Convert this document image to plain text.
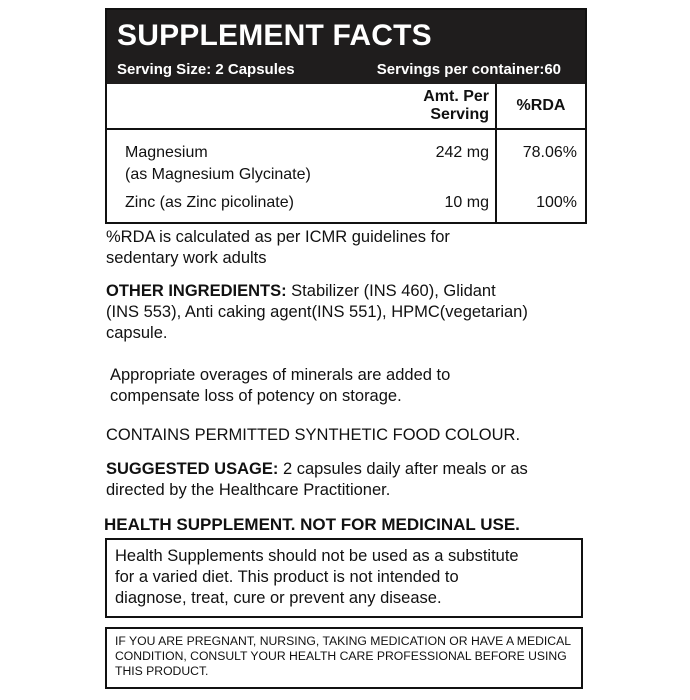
SUPPLEMENT FACTS
Serving Size: 2 Capsules	Servings per container:60
	Amt. Per Serving	%RDA

Magnesium
(as Magnesium Glycinate)	242 mg	78.06%
Zinc (as Zinc picolinate)	10 mg	100%
%RDA is calculated as per ICMR guidelines for
sedentary work adults
OTHER INGREDIENTS: Stabilizer (INS 460), Glidant
(INS 553), Anti caking agent(INS 551), HPMC(vegetarian)
capsule.
Appropriate overages of minerals are added to
compensate loss of potency on storage.
CONTAINS PERMITTED SYNTHETIC FOOD COLOUR.
SUGGESTED USAGE: 2 capsules daily after meals or as
directed by the Healthcare Practitioner.
HEALTH SUPPLEMENT. NOT FOR MEDICINAL USE.
Health Supplements should not be used as a substitute
for a varied diet. This product is not intended to
diagnose, treat, cure or prevent any disease.
IF YOU ARE PREGNANT, NURSING, TAKING MEDICATION OR HAVE A MEDICAL
CONDITION, CONSULT YOUR HEALTH CARE PROFESSIONAL BEFORE USING
THIS PRODUCT.
